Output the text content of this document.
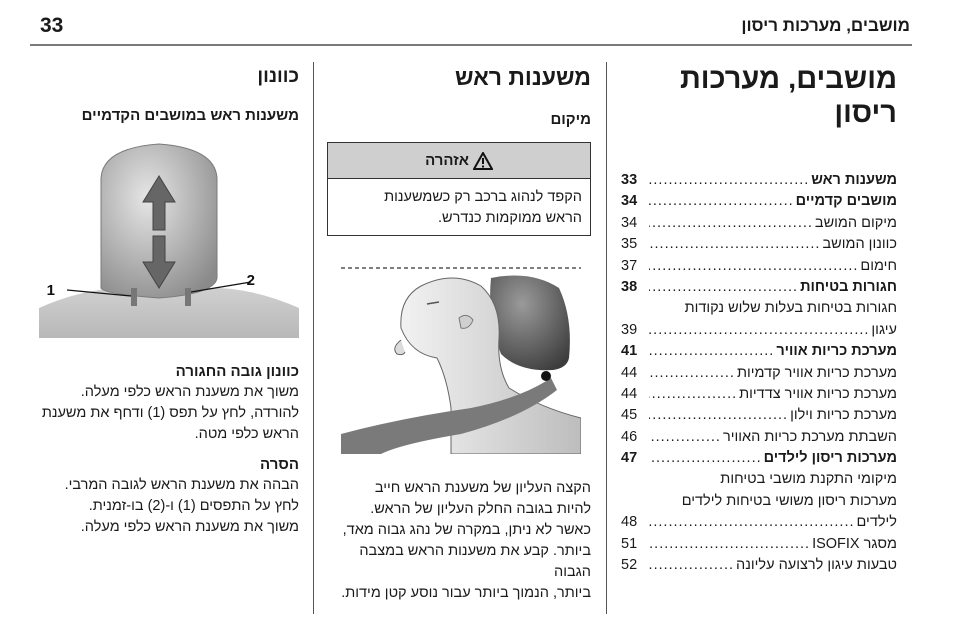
33	מושבים, מערכות ריסון
מושבים, מערכות ריסון
משענות ראש
.....
33
מושבים קדמיים
.....
34
מיקום המושב
.....
34
כוונון המושב
.....
35
חימום
.....
37
חגורות בטיחות
.....
38
חגורות בטיחות בעלות שלוש נקודות
עיגון
.....
39
מערכת כריות אוויר
.....
41
מערכת כריות אוויר קדמיות
.....
44
מערכת כריות אוויר צדדיות
.....
44
מערכת כריות וילון
.....
45
השבתת מערכת כריות האוויר
.....
46
מערכות ריסון לילדים
.....
47
מיקומי התקנת מושבי בטיחות
מערכות ריסון משושי בטיחות לילדים
לילדים
.....
48
מסגר ISOFIX
.....
51
טבעות עיגון לרצועה עליונה
.....
52
משענות ראש
מיקום
אזהרה
הקפד לנהוג ברכב רק כשמשענות
הראש ממוקמות כנדרש.
הקצה העליון של משענת הראש חייב
להיות בגובה החלק העליון של הראש.
כאשר לא ניתן, במקרה של נהג גבוה מאד,
ביותר. קבע את משענות הראש במצבה הגבוה
ביותר, הנמוך ביותר עבור נוסע קטן מידות.
כוונון
משענות ראש במושבים הקדמיים
1
2
כוונון גובה החגורה
משוך את משענת הראש כלפי מעלה.
להורדה, לחץ על תפס (1) ודחף את משענת
הראש כלפי מטה.
הסרה
הבהה את משענת הראש לגובה המרבי.
לחץ על התפסים (1) ו-(2) בו-זמנית.
משוך את משענת הראש כלפי מעלה.
